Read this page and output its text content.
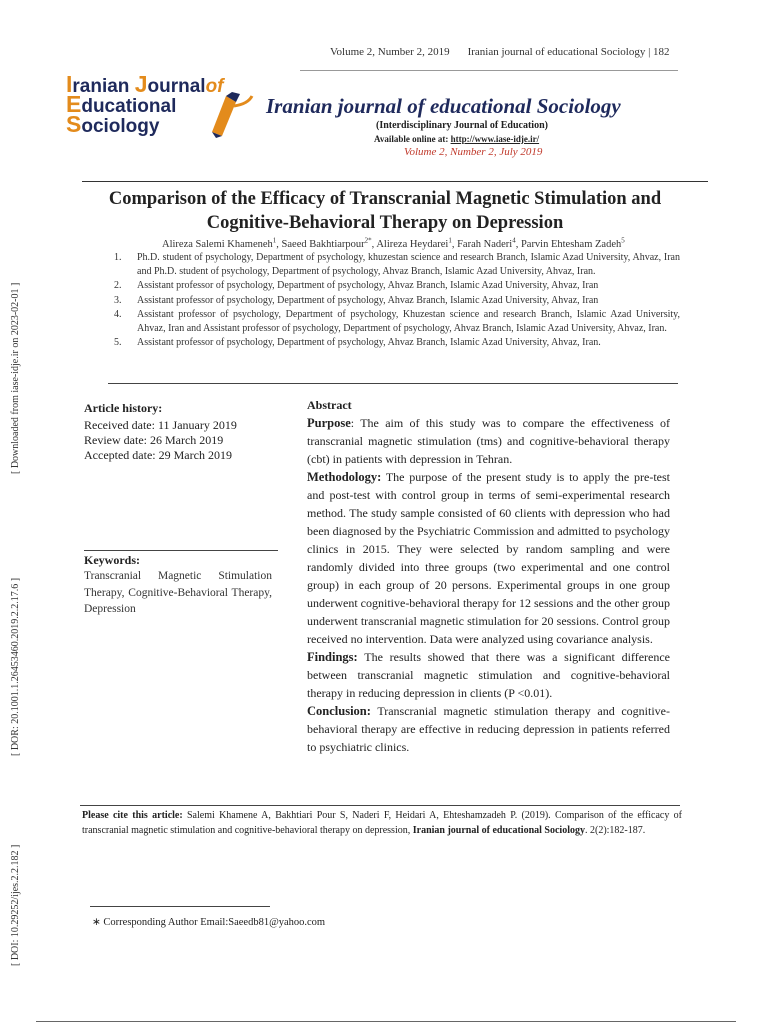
Volume 2, Number 2, 2019 Iranian journal of educational Sociology | 182
Iranian Journalof
Educational
Sociology
Iranian journal of educational Sociology
(Interdisciplinary Journal of Education)
Available online at: http://www.iase-idje.ir/
Volume 2, Number 2, July 2019
[ Downloaded from iase-idje.ir on 2023-02-01 ]
[ DOR: 20.1001.1.26453460.2019.2.2.17.6 ]
[ DOI: 10.29252/ijes.2.2.182 ]
Comparison of the Efficacy of Transcranial Magnetic Stimulation and
Cognitive-Behavioral Therapy on Depression
Alireza Salemi Khameneh$^1$, Saeed Bakhtiarpour$^{2*}$, Alireza Heydarei$^1$, Farah Naderi$^4$, Parvin Ehtesham Zadeh$^5$
1. Ph.D. student of psychology, Department of psychology, khuzestan science and research Branch, Islamic Azad University, Ahvaz, Iran and Ph.D. student of psychology, Department of psychology, Ahvaz Branch, Islamic Azad University, Ahvaz, Iran.
2. Assistant professor of psychology, Department of psychology, Ahvaz Branch, Islamic Azad University, Ahvaz, Iran
3. Assistant professor of psychology, Department of psychology, Ahvaz Branch, Islamic Azad University, Ahvaz, Iran
4. Assistant professor of psychology, Department of psychology, Khuzestan science and research Branch, Islamic Azad University, Ahvaz, Iran and Assistant professor of psychology, Department of psychology, Ahvaz Branch, Islamic Azad University, Ahvaz, Iran.
5. Assistant professor of psychology, Department of psychology, Ahvaz Branch, Islamic Azad University, Ahvaz, Iran.
Article history:
Received date: 11 January 2019
Review date: 26 March 2019
Accepted date: 29 March 2019
Keywords:
Transcranial Magnetic Stimulation Therapy, Cognitive-Behavioral Therapy, Depression
Abstract

Purpose: The aim of this study was to compare the effectiveness of transcranial magnetic stimulation (tms) and cognitive-behavioral therapy (cbt) in patients with depression in Tehran.

Methodology: The purpose of the present study is to apply the pre-test and post-test with control group in terms of semi-experimental research method. The study sample consisted of 60 clients with depression who had been diagnosed by the Psychiatric Commission and admitted to psychology clinics in 2015. They were selected by random sampling and were randomly divided into three groups (two experimental and one control group) in each group of 20 persons. Experimental groups in one group underwent cognitive-behavioral therapy for 12 sessions and the other group underwent transcranial magnetic stimulation for 20 sessions. Control group received no intervention. Data were analyzed using covariance analysis.

Findings: The results showed that there was a significant difference between transcranial magnetic stimulation and cognitive-behavioral therapy in reducing depression in clients (P <0.01).

Conclusion: Transcranial magnetic stimulation therapy and cognitive-behavioral therapy are effective in reducing depression in patients referred to psychiatric clinics.

Please cite this article: Salemi Khamene A, Bakhtiari Pour S, Naderi F, Heidari A, Ehteshamzadeh P. (2019). Comparison of the efficacy of transcranial magnetic stimulation and cognitive-behavioral therapy on depression, Iranian journal of educational Sociology. 2(2):182-187.
∗ Corresponding Author Email:Saeedb81@yahoo.com
